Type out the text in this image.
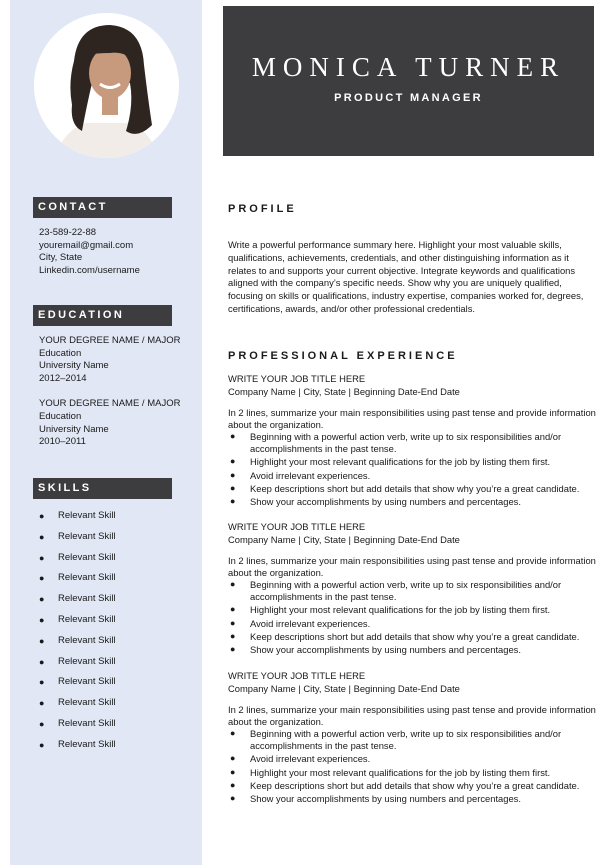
CONTACT
23-589-22-88
youremail@gmail.com
City, State
Linkedin.com/username
EDUCATION
YOUR DEGREE NAME / MAJOR
Education
University Name
2012–2014
YOUR DEGREE NAME / MAJOR
Education
University Name
2010–2011
SKILLS
●	Relevant Skill
●	Relevant Skill
●	Relevant Skill
●	Relevant Skill
●	Relevant Skill
●	Relevant Skill
●	Relevant Skill
●	Relevant Skill
●	Relevant Skill
●	Relevant Skill
●	Relevant Skill
●	Relevant Skill
MONICA TURNER
PRODUCT MANAGER
PROFILE
Write a powerful performance summary here. Highlight your most valuable skills, qualifications, achievements, credentials, and other distinguishing information as it relates to and supports your current objective. Integrate keywords and qualifications aligned with the company’s specific needs. Show why you are uniquely qualified, focusing on skills or qualifications, industry expertise, companies worked for, degrees, certifications, awards, and/or other professional credentials.
PROFESSIONAL EXPERIENCE
WRITE YOUR JOB TITLE HERE
Company Name | City, State | Beginning Date-End Date
In 2 lines, summarize your main responsibilities using past tense and provide information about the organization.
●	Beginning with a powerful action verb, write up to six responsibilities and/or accomplishments in the past tense.
●	Highlight your most relevant qualifications for the job by listing them first.
●	Avoid irrelevant experiences.
●	Keep descriptions short but add details that show why you’re a great candidate.
●	Show your accomplishments by using numbers and percentages.
WRITE YOUR JOB TITLE HERE
Company Name | City, State | Beginning Date-End Date
In 2 lines, summarize your main responsibilities using past tense and provide information about the organization.
●	Beginning with a powerful action verb, write up to six responsibilities and/or accomplishments in the past tense.
●	Highlight your most relevant qualifications for the job by listing them first.
●	Avoid irrelevant experiences.
●	Keep descriptions short but add details that show why you’re a great candidate.
●	Show your accomplishments by using numbers and percentages.
WRITE YOUR JOB TITLE HERE
Company Name | City, State | Beginning Date-End Date
In 2 lines, summarize your main responsibilities using past tense and provide information about the organization.
●	Beginning with a powerful action verb, write up to six responsibilities and/or accomplishments in the past tense.
●	Avoid irrelevant experiences.
●	Highlight your most relevant qualifications for the job by listing them first.
●	Keep descriptions short but add details that show why you’re a great candidate.
●	Show your accomplishments by using numbers and percentages.
